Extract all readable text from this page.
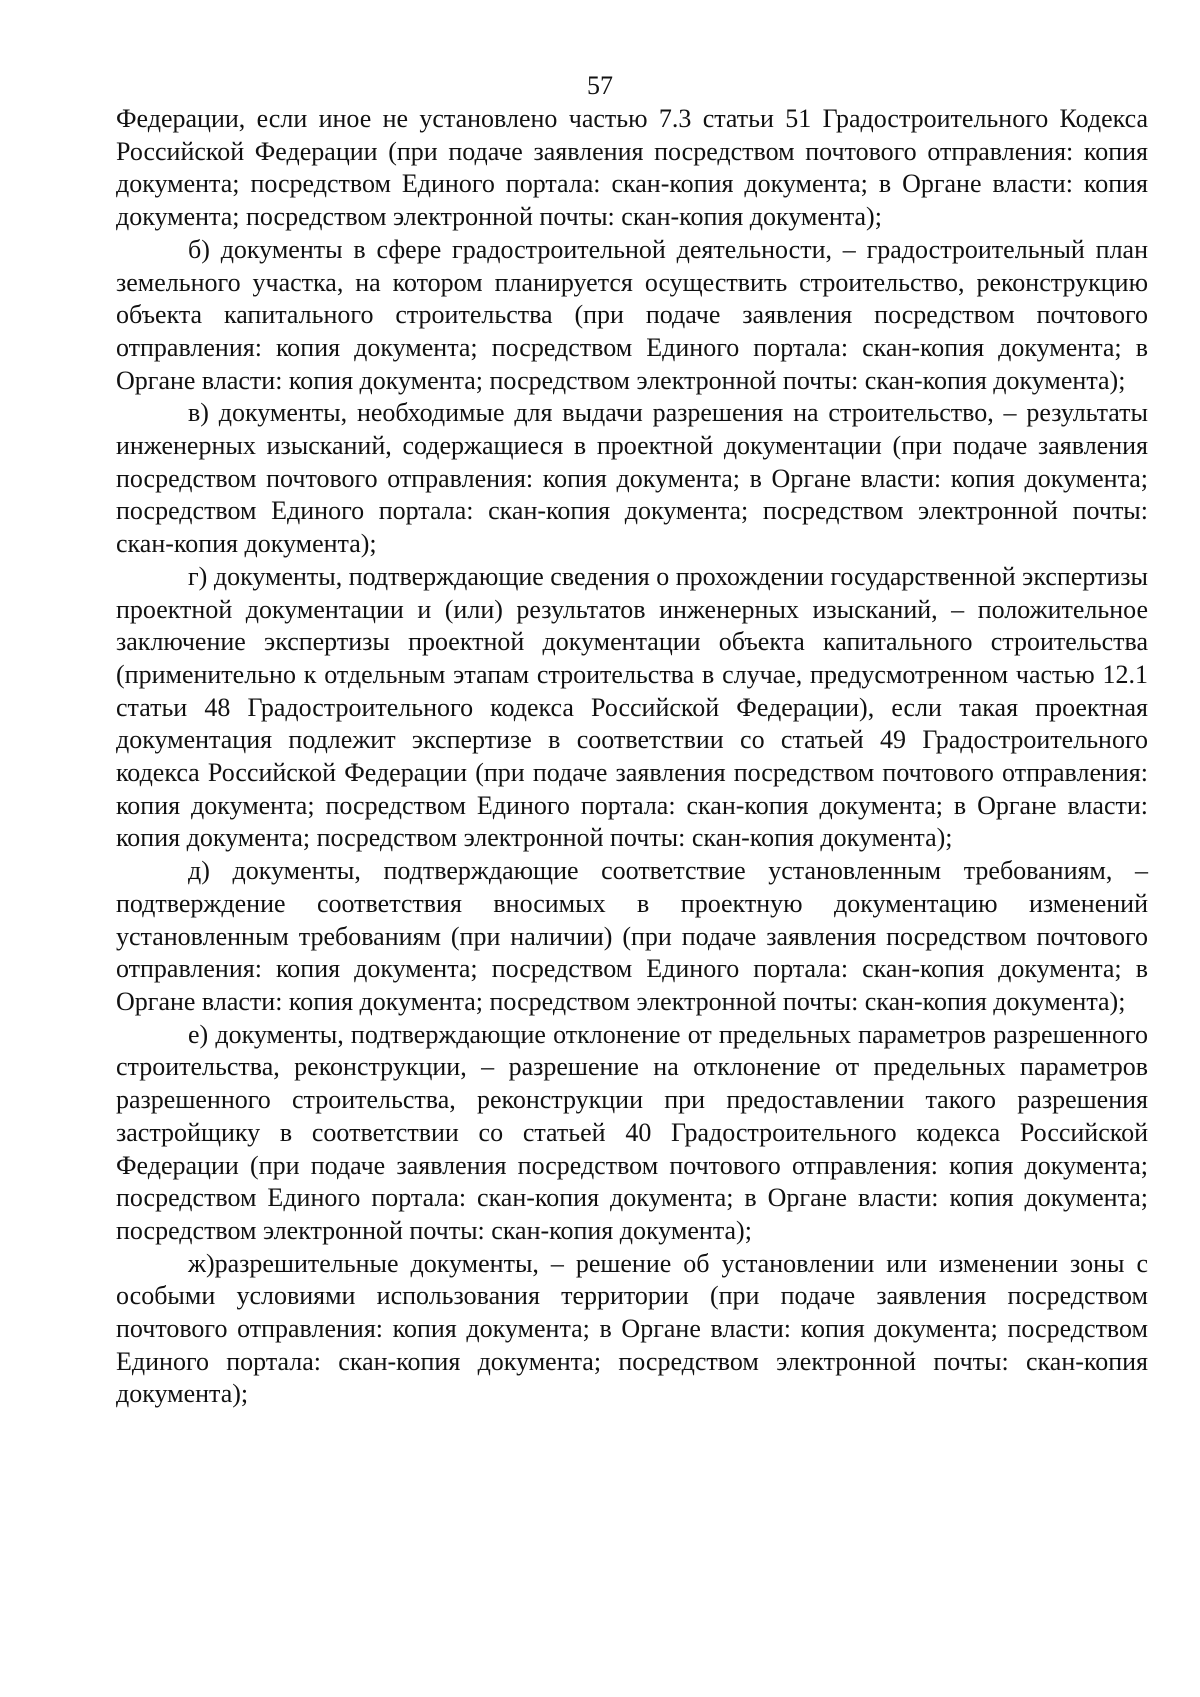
57

Федерации, если иное не установлено частью 7.3 статьи 51 Градостроительного Кодекса Российской Федерации (при подаче заявления посредством почтового отправления: копия документа; посредством Единого портала: скан-копия документа; в Органе власти: копия документа; посредством электронной почты: скан-копия документа);

б) документы в сфере градостроительной деятельности, – градостроительный план земельного участка, на котором планируется осуществить строительство, реконструкцию объекта капитального строительства (при подаче заявления посредством почтового отправления: копия документа; посредством Единого портала: скан-копия документа; в Органе власти: копия документа; посредством электронной почты: скан-копия документа);

в) документы, необходимые для выдачи разрешения на строительство, – результаты инженерных изысканий, содержащиеся в проектной документации (при подаче заявления посредством почтового отправления: копия документа; в Органе власти: копия документа; посредством Единого портала: скан-копия документа; посредством электронной почты: скан-копия документа);

г) документы, подтверждающие сведения о прохождении государственной экспертизы проектной документации и (или) результатов инженерных изысканий, – положительное заключение экспертизы проектной документации объекта капитального строительства (применительно к отдельным этапам строительства в случае, предусмотренном частью 12.1 статьи 48 Градостроительного кодекса Российской Федерации), если такая проектная документация подлежит экспертизе в соответствии со статьей 49 Градостроительного кодекса Российской Федерации (при подаче заявления посредством почтового отправления: копия документа; посредством Единого портала: скан-копия документа; в Органе власти: копия документа; посредством электронной почты: скан-копия документа);

д) документы, подтверждающие соответствие установленным требованиям, – подтверждение соответствия вносимых в проектную документацию изменений установленным требованиям (при наличии) (при подаче заявления посредством почтового отправления: копия документа; посредством Единого портала: скан-копия документа; в Органе власти: копия документа; посредством электронной почты: скан-копия документа);

е) документы, подтверждающие отклонение от предельных параметров разрешенного строительства, реконструкции, – разрешение на отклонение от предельных параметров разрешенного строительства, реконструкции при предоставлении такого разрешения застройщику в соответствии со статьей 40 Градостроительного кодекса Российской Федерации (при подаче заявления посредством почтового отправления: копия документа; посредством Единого портала: скан-копия документа; в Органе власти: копия документа; посредством электронной почты: скан-копия документа);

ж)разрешительные документы, – решение об установлении или изменении зоны с особыми условиями использования территории (при подаче заявления посредством почтового отправления: копия документа; в Органе власти: копия документа; посредством Единого портала: скан-копия документа; посредством электронной почты: скан-копия документа);
